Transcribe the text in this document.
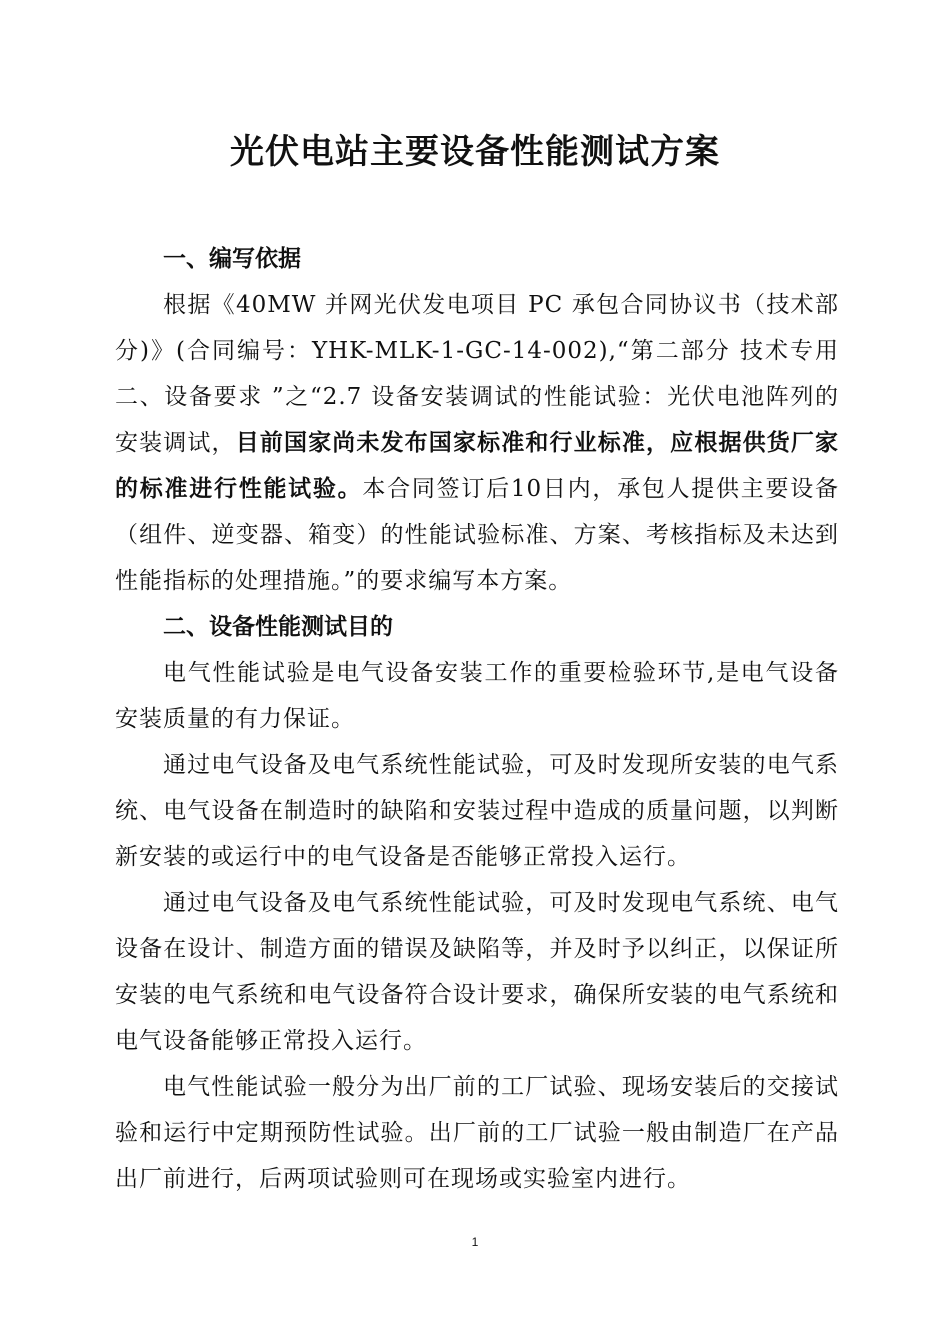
光伏电站主要设备性能测试方案

一、编写依据

根据《40MW 并网光伏发电项目 PC 承包合同协议书（技术部分)》(合同编号：YHK-MLK-1-GC-14-002),“第二部分 技术专用 二、设备要求 ”之“2.7 设备安装调试的性能试验：光伏电池阵列的安装调试，目前国家尚未发布国家标准和行业标准，应根据供货厂家的标准进行性能试验。本合同签订后10日内，承包人提供主要设备（组件、逆变器、箱变）的性能试验标准、方案、考核指标及未达到性能指标的处理措施。”的要求编写本方案。

二、设备性能测试目的

电气性能试验是电气设备安装工作的重要检验环节,是电气设备安装质量的有力保证。

通过电气设备及电气系统性能试验，可及时发现所安装的电气系统、电气设备在制造时的缺陷和安装过程中造成的质量问题，以判断新安装的或运行中的电气设备是否能够正常投入运行。

通过电气设备及电气系统性能试验，可及时发现电气系统、电气设备在设计、制造方面的错误及缺陷等，并及时予以纠正，以保证所安装的电气系统和电气设备符合设计要求，确保所安装的电气系统和电气设备能够正常投入运行。

电气性能试验一般分为出厂前的工厂试验、现场安装后的交接试验和运行中定期预防性试验。出厂前的工厂试验一般由制造厂在产品出厂前进行，后两项试验则可在现场或实验室内进行。

1
